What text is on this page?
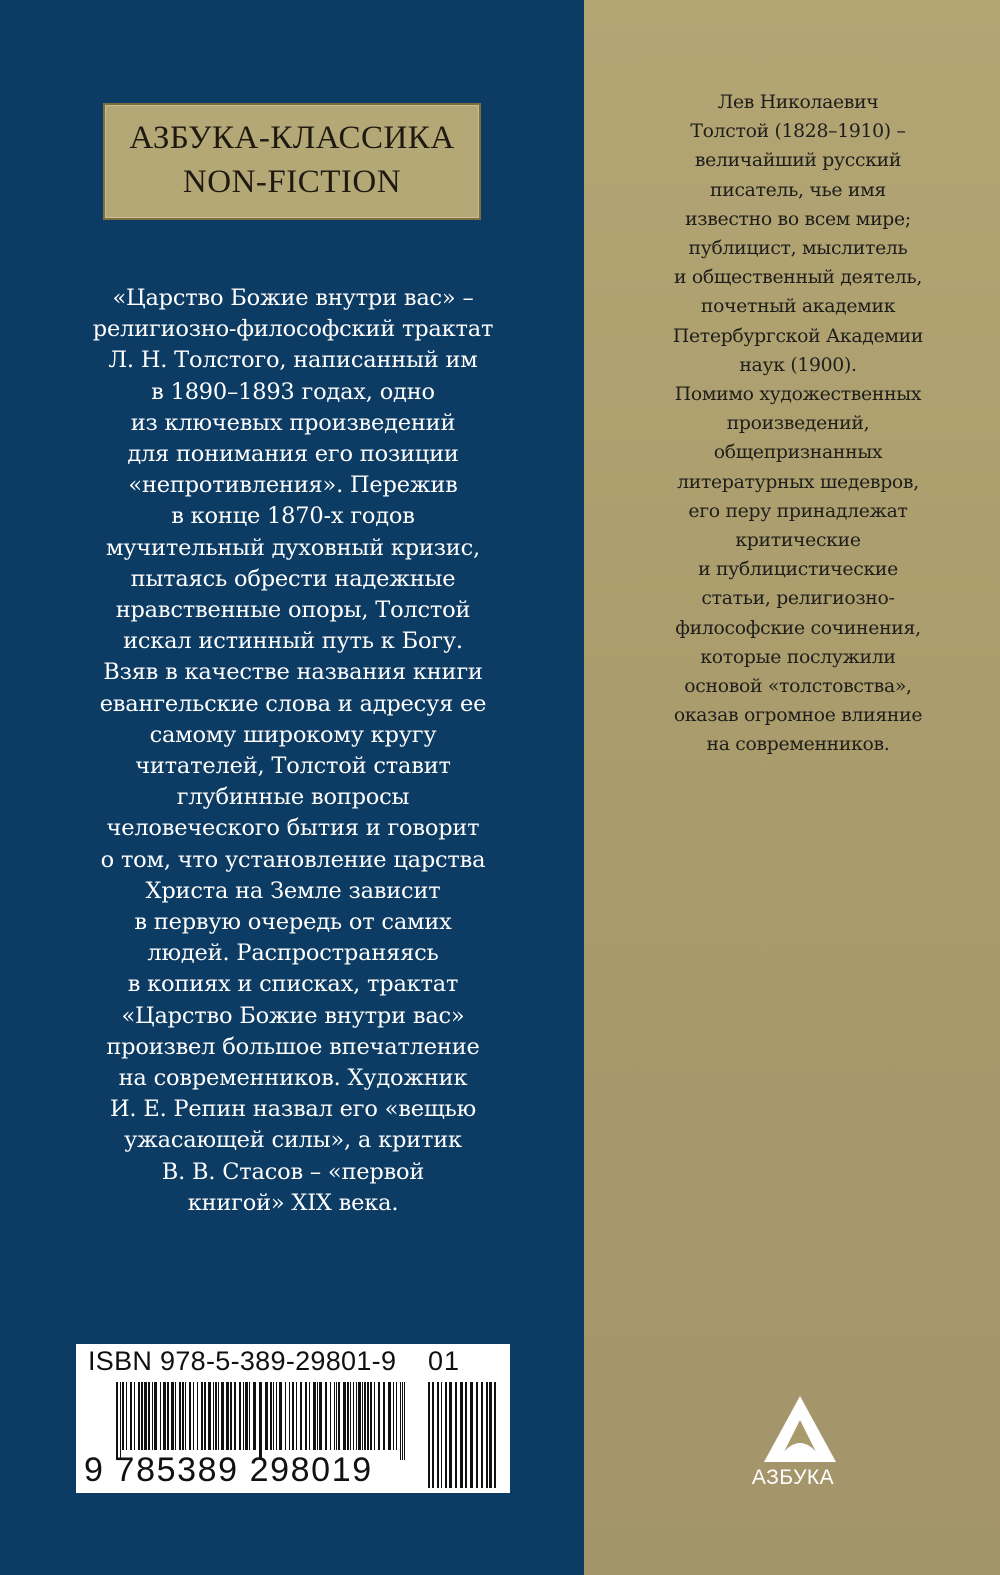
АЗБУКА-КЛАССИКА
NON-FICTION
«Царство Божие внутри вас» –
религиозно-философский трактат
Л. Н. Толстого, написанный им
в 1890–1893 годах, одно
из ключевых произведений
для понимания его позиции
«непротивления». Пережив
в конце 1870-х годов
мучительный духовный кризис,
пытаясь обрести надежные
нравственные опоры, Толстой
искал истинный путь к Богу.
Взяв в качестве названия книги
евангельские слова и адресуя ее
самому широкому кругу
читателей, Толстой ставит
глубинные вопросы
человеческого бытия и говорит
о том, что установление царства
Христа на Земле зависит
в первую очередь от самих
людей. Распространяясь
в копиях и списках, трактат
«Царство Божие внутри вас»
произвел большое впечатление
на современников. Художник
И. Е. Репин назвал его «вещью
ужасающей силы», а критик
В. В. Стасов – «первой
книгой» XIX века.
Лев Николаевич
Толстой (1828–1910) –
величайший русский
писатель, чье имя
известно во всем мире;
публицист, мыслитель
и общественный деятель,
почетный академик
Петербургской Академии
наук (1900).
Помимо художественных
произведений,
общепризнанных
литературных шедевров,
его перу принадлежат
критические
и публицистические
статьи, религиозно-
философские сочинения,
которые послужили
основой «толстовства»,
оказав огромное влияние
на современников.
ISBN 978-5-389-29801-9 01
9 785389 298019	АЗБУКА
